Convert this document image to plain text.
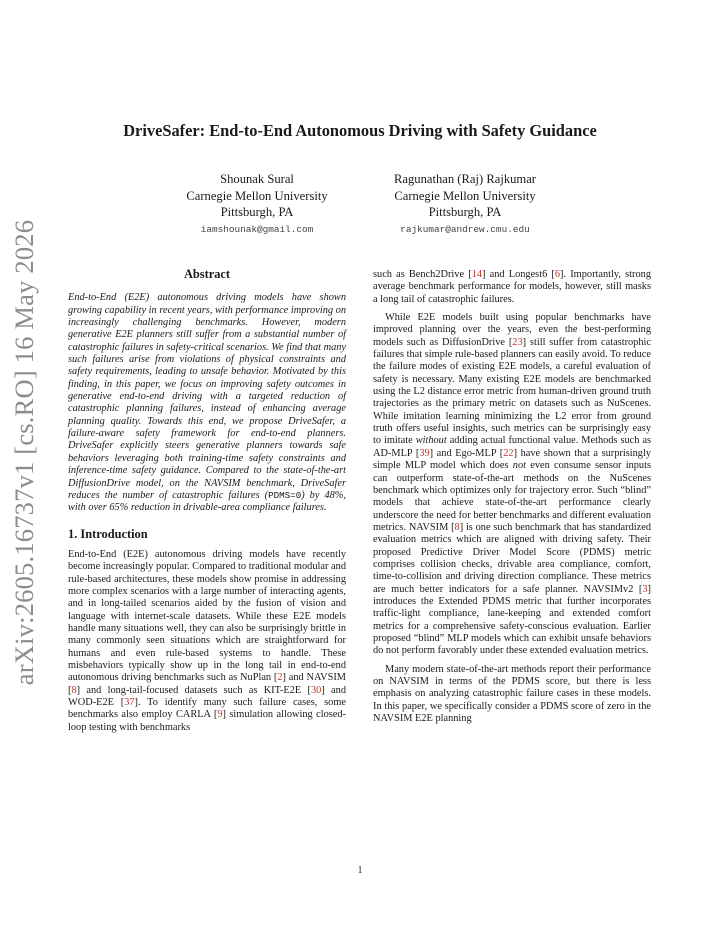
arXiv:2605.16737v1 [cs.RO] 16 May 2026
DriveSafer: End-to-End Autonomous Driving with Safety Guidance
Shounak Sural
Carnegie Mellon University
Pittsburgh, PA
iamshounak@gmail.com
Ragunathan (Raj) Rajkumar
Carnegie Mellon University
Pittsburgh, PA
rajkumar@andrew.cmu.edu
Abstract

End-to-End (E2E) autonomous driving models have shown growing capability in recent years, with performance improving on increasingly challenging benchmarks. However, modern generative E2E planners still suffer from a substantial number of catastrophic failures in safety-critical scenarios. We find that many such failures arise from violations of physical constraints and safety requirements, leading to unsafe behavior. Motivated by this finding, in this paper, we focus on improving safety outcomes in generative end-to-end driving with a targeted reduction of catastrophic planning failures, instead of enhancing average planning quality. Towards this end, we propose DriveSafer, a failure-aware safety framework for end-to-end planners. DriveSafer explicitly steers generative planners towards safe behaviors leveraging both training-time safety constraints and inference-time safety guidance. Compared to the state-of-the-art DiffusionDrive model, on the NAVSIM benchmark, DriveSafer reduces the number of catastrophic failures (PDMS=0) by 48%, with over 65% reduction in drivable-area compliance failures.

1. Introduction

End-to-End (E2E) autonomous driving models have recently become increasingly popular. Compared to traditional modular and rule-based architectures, these models show promise in addressing more complex scenarios with a large number of interacting agents, and in long-tailed scenarios aided by the fusion of vision and language with internet-scale datasets. While these E2E models handle many situations well, they can also be surprisingly brittle in many commonly seen situations which are straightforward for humans and even rule-based systems to handle. These misbehaviors typically show up in the long tail in end-to-end autonomous driving benchmarks such as NuPlan [2] and NAVSIM [8] and long-tail-focused datasets such as KIT-E2E [30] and WOD-E2E [37]. To identify many such failure cases, some benchmarks also employ CARLA [9] simulation allowing closed-loop testing with benchmarks

such as Bench2Drive [14] and Longest6 [6]. Importantly, strong average benchmark performance for models, however, still masks a long tail of catastrophic failures.

While E2E models built using popular benchmarks have improved planning over the years, even the best-performing models such as DiffusionDrive [23] still suffer from catastrophic failures that simple rule-based planners can easily avoid. To reduce the failure modes of existing E2E models, a careful evaluation of safety is necessary. Many existing E2E models are benchmarked using the L2 distance error metric from human-driven ground truth trajectories as the primary metric on datasets such as NuScenes. While imitation learning minimizing the L2 error from ground truth offers useful insights, such metrics can be surprisingly easy to imitate without adding actual functional value. Methods such as AD-MLP [39] and Ego-MLP [22] have shown that a surprisingly simple MLP model which does not even consume sensor inputs can outperform state-of-the-art methods on the NuScenes benchmark which optimizes only for trajectory error. Such “blind” models that achieve state-of-the-art performance clearly underscore the need for better benchmarks and different evaluation metrics. NAVSIM [8] is one such benchmark that has standardized evaluation metrics which are aligned with driving safety. Their proposed Predictive Driver Model Score (PDMS) metric comprises collision checks, drivable area compliance, comfort, time-to-collision and driving direction compliance. These metrics are much better indicators for a safe planner. NAVSIMv2 [3] introduces the Extended PDMS metric that further incorporates traffic-light compliance, lane-keeping and extended comfort metrics for a comprehensive safety-conscious evaluation. Earlier proposed “blind” MLP models which can exhibit unsafe behaviors do not perform favorably under these extended evaluation metrics.

Many modern state-of-the-art methods report their performance on NAVSIM in terms of the PDMS score, but there is less emphasis on analyzing catastrophic failure cases in these models. In this paper, we specifically consider a PDMS score of zero in the NAVSIM E2E planning

1
